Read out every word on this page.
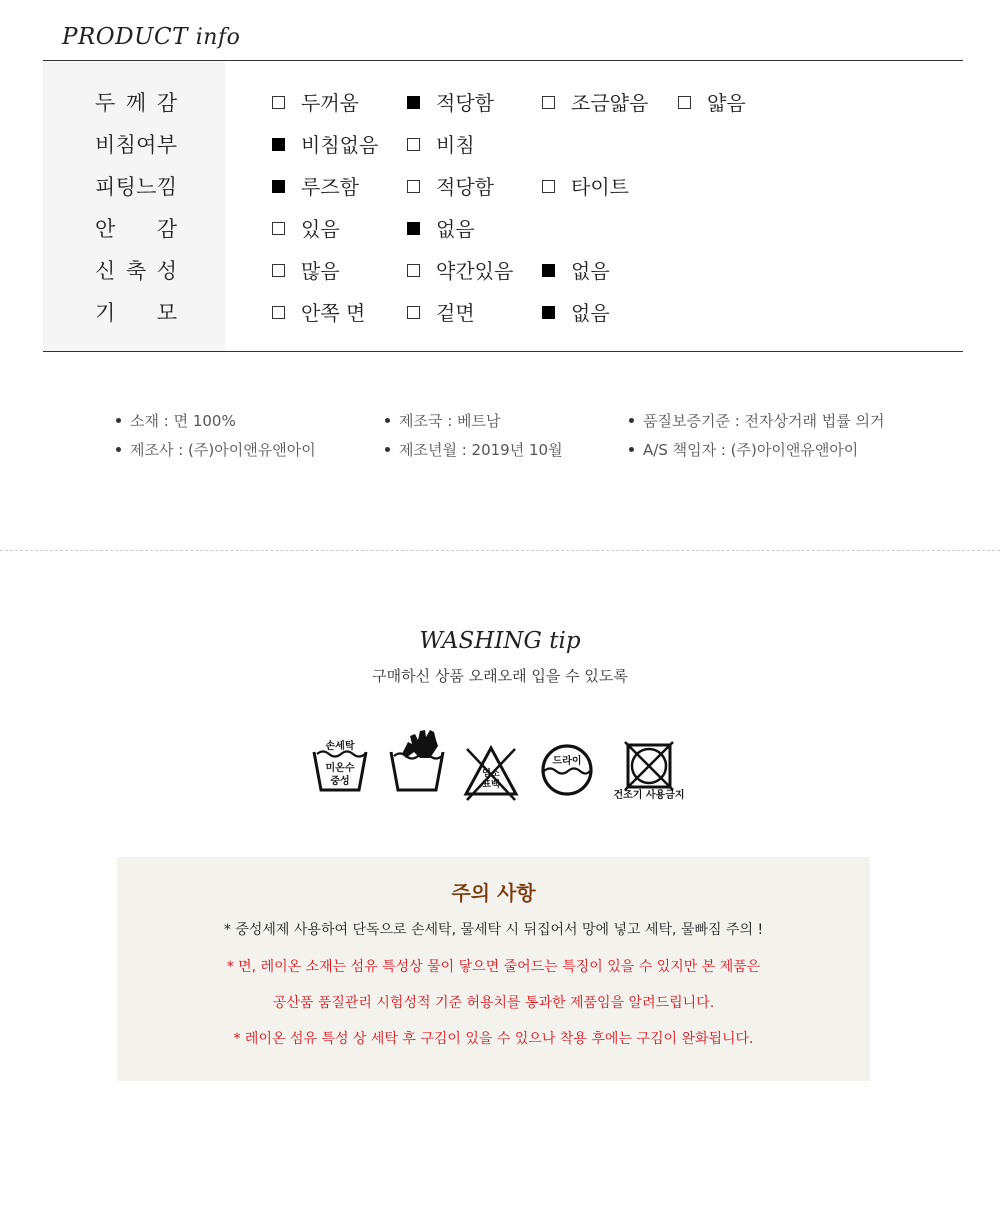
PRODUCT info
두 께 감	두꺼움	적당함	조금얇음	얇음
비 침 여 부	비침없음	비침
피 팅 느 낌	루즈함	적당함	타이트
안 감	있음	없음
신 축 성	많음	약간있음	없음
기 모	안쪽 면	겉면	없음
소재 : 면 100%	제조국 : 베트남	품질보증기준 : 전자상거래 법률 의거
제조사 : (주)아이앤유앤아이	제조년월 : 2019년 10월	A/S 책임자 : (주)아이앤유앤아이
WASHING tip
구매하신 상품 오래오래 입을 수 있도록
손세탁
미온수
중성
염소
표백
드라이
건조기 사용금지
주의 사항
* 중성세제 사용하여 단독으로 손세탁, 물세탁 시 뒤집어서 망에 넣고 세탁, 물빠짐 주의 !
* 면, 레이온 소재는 섬유 특성상 물이 닿으면 줄어드는 특징이 있을 수 있지만 본 제품은
공산품 품질관리 시험성적 기준 허용치를 통과한 제품임을 알려드립니다.
* 레이온 섬유 특성 상 세탁 후 구김이 있을 수 있으나 착용 후에는 구김이 완화됩니다.
